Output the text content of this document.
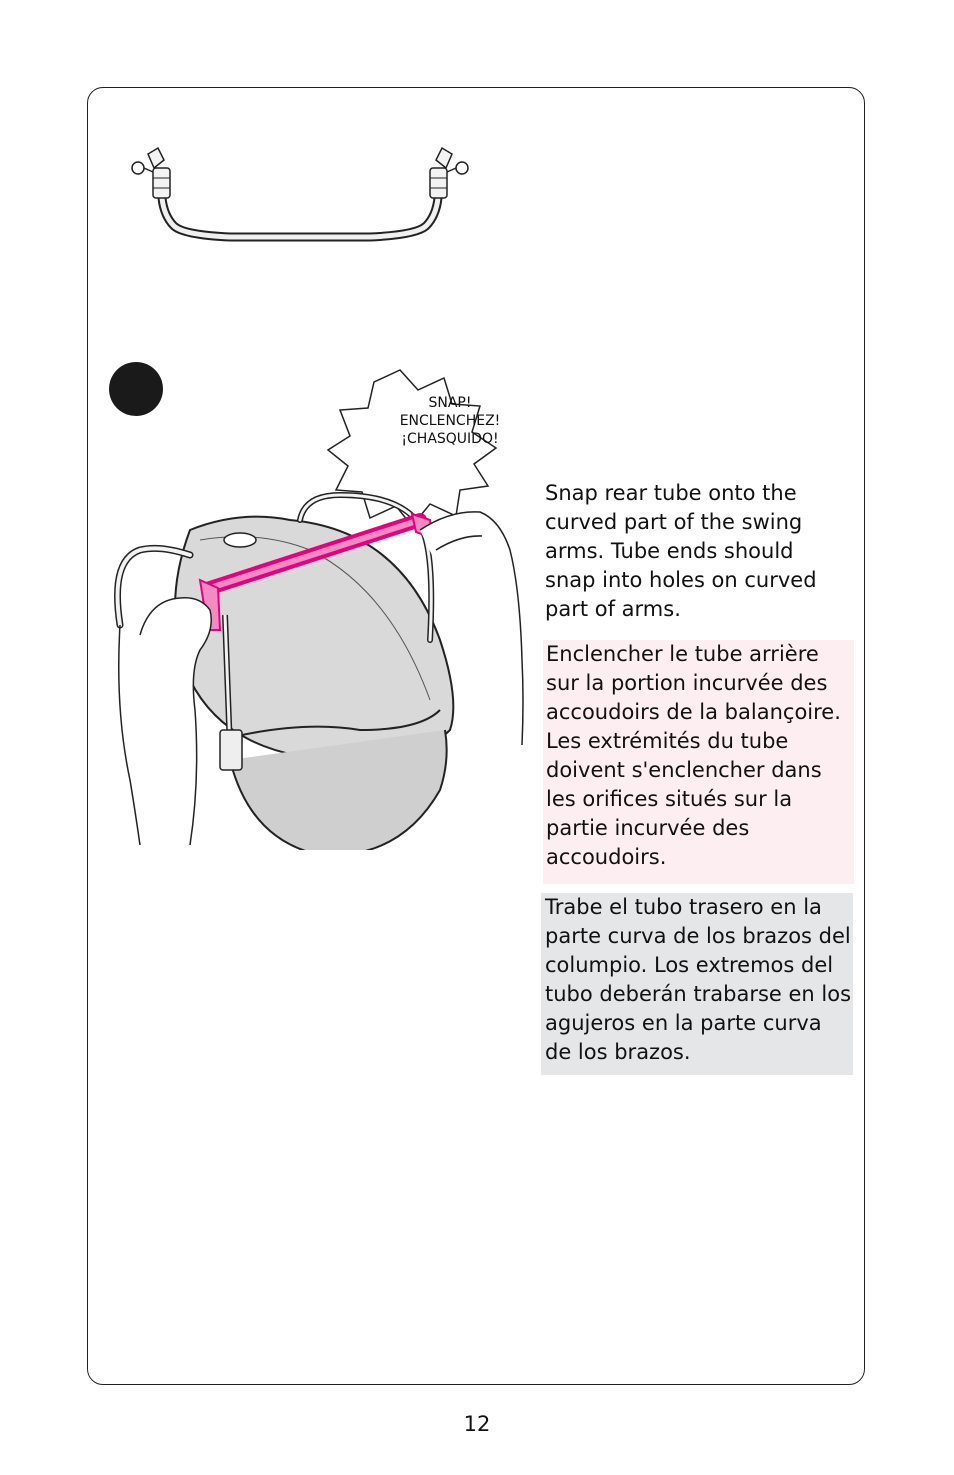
SNAP!
ENCLENCHEZ!
¡CHASQUIDO!
Snap rear tube onto the curved part of the swing arms. Tube ends should snap into holes on curved part of arms.
Enclencher le tube arrière sur la portion incurvée des accoudoirs de la balançoire. Les extrémités du tube doivent s'enclencher dans les orifices situés sur la partie incurvée des accoudoirs.
Trabe el tubo trasero en la parte curva de los brazos del columpio. Los extremos del tubo deberán trabarse en los agujeros en la parte curva de los brazos.
12
